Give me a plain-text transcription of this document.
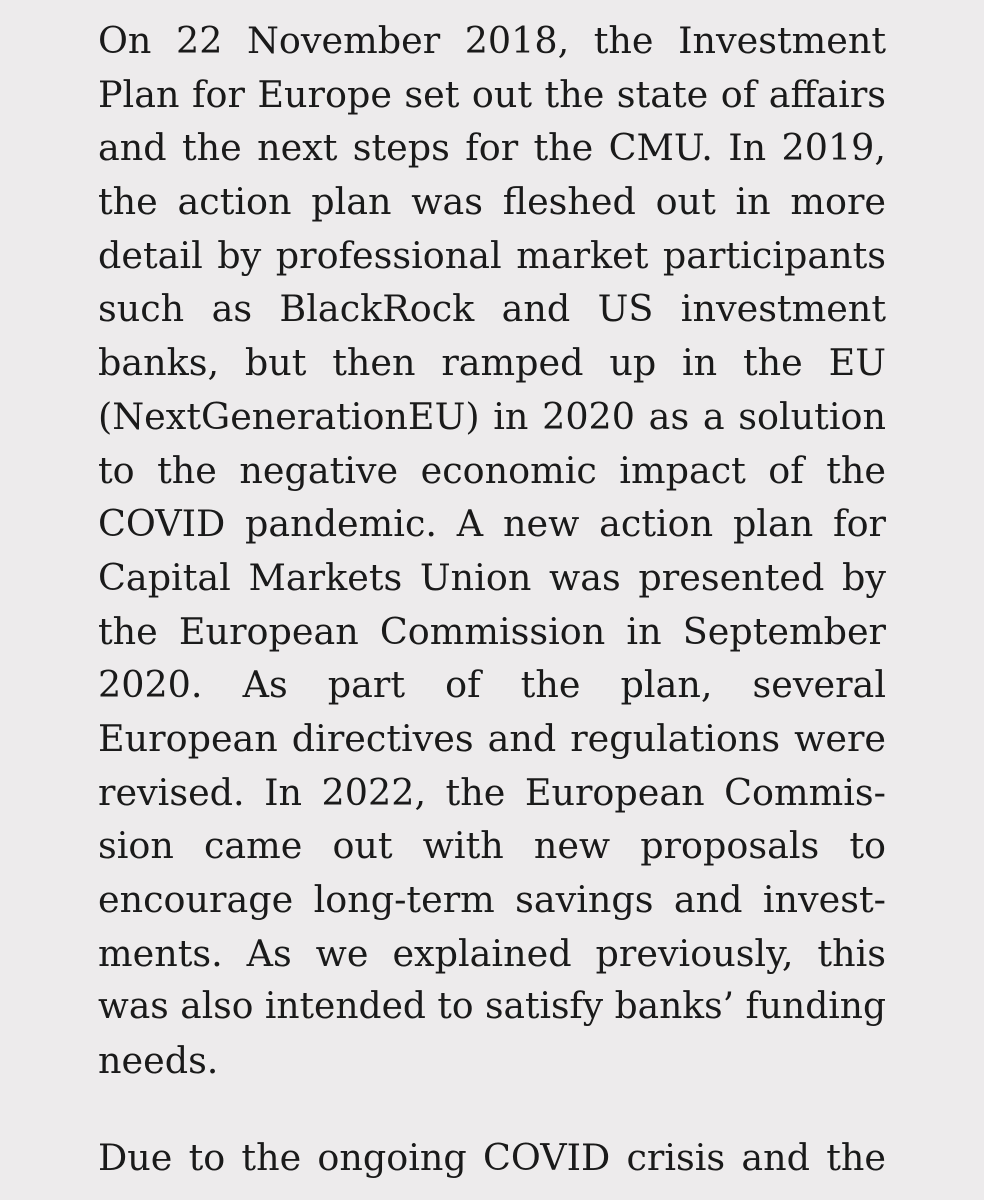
On 22 November 2018, the Investment
Plan for Europe set out the state of affairs
and the next steps for the CMU. In 2019,
the action plan was fleshed out in more
detail by professional market participants
such as BlackRock and US investment
banks, but then ramped up in the EU
(NextGenerationEU) in 2020 as a solution
to the negative economic impact of the
COVID pandemic. A new action plan for
Capital Markets Union was presented by
the European Commission in September
2020. As part of the plan, several
European directives and regulations were
revised. In 2022, the European Commis-
sion came out with new proposals to
encourage long-term savings and invest-
ments. As we explained previously, this
was also intended to satisfy banks’ funding
needs.
Due to the ongoing COVID crisis and the
